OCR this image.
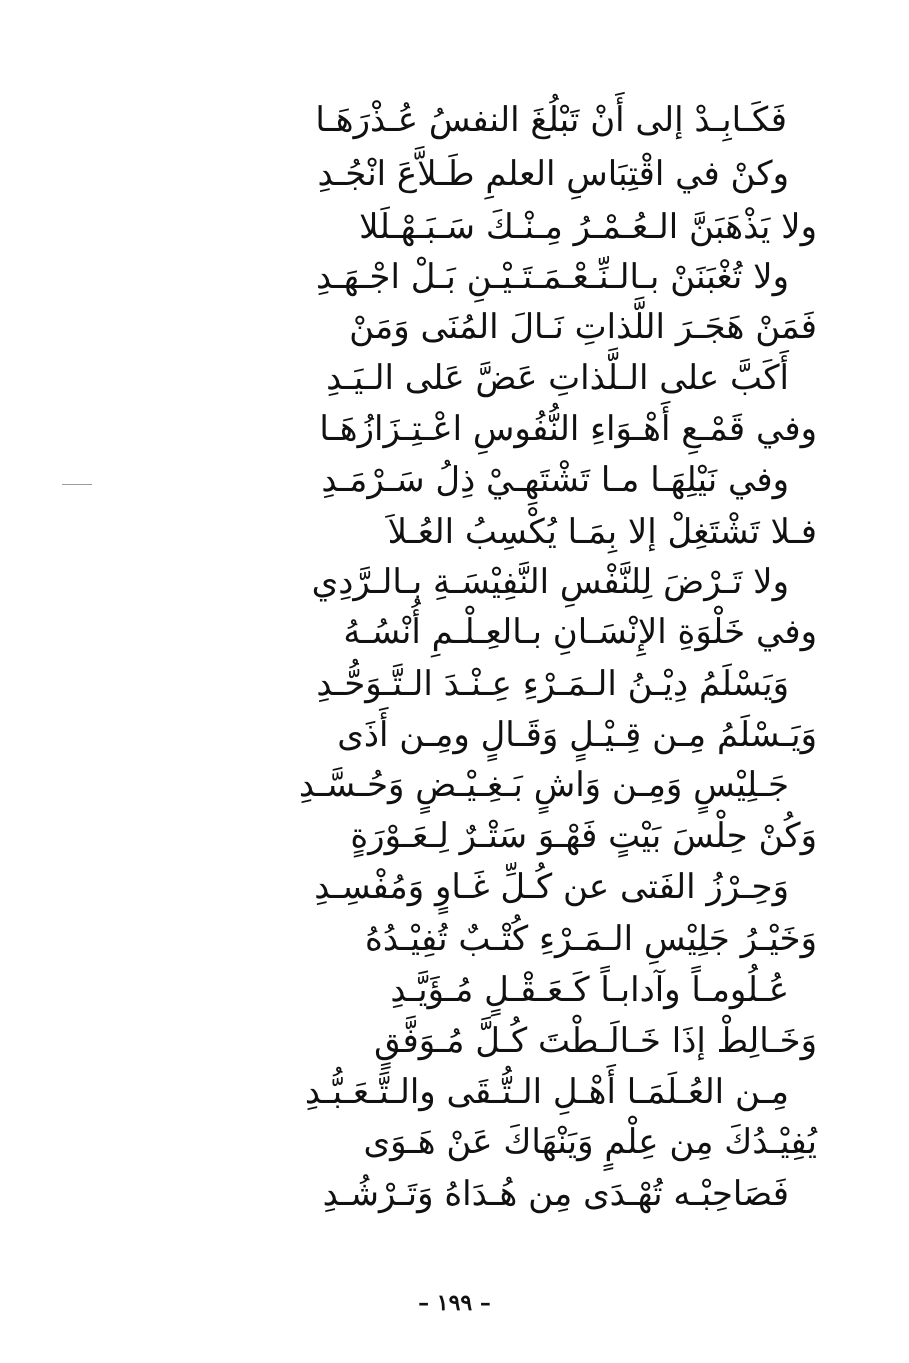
فَكَـابِـدْ إلى أَنْ تَبْلُغَ النفسُ عُـذْرَهَـا
وكنْ في اقْتِبَاسِ العلمِ طَـلاَّعَ انْجُـدِ
ولا يَذْهَبَنَّ الـعُـمْـرُ مِـنْـكَ سَـبَـهْـلَلا
ولا تُغْبَنَنْ بـالـنِّـعْـمَـتَـيْـنِ بَـلْ اجْـهَـدِ
فَمَنْ هَجَـرَ اللَّذاتِ نَـالَ المُنَى وَمَنْ
أَكَبَّ على الـلَّذاتِ عَضَّ عَلى الـيَـدِ
وفي قَمْـعِ أَهْـوَاءِ النُّفُوسِ اعْـتِـزَازُهَـا
وفي نَيْلِهَـا مـا تَشْتَهِـيْ ذِلُ سَـرْمَـدِ
فـلا تَشْتَغِلْ إلا بِمَـا يُكْسِبُ العُـلاَ
ولا تَـرْضَ لِلنَّفْسِ النَّفِيْسَـةِ بـالـرَّدِي
وفي خَلْوَةِ الإِنْسَـانِ بـالعِـلْـمِ أُنْسُـهُ
وَيَسْلَمُ دِيْـنُ الـمَـرْءِ عِـنْـدَ الـتَّـوَحُّـدِ
وَيَـسْلَمُ مِـن قِـيْـلٍ وَقَـالٍ ومِـن أَذَى
جَـلِيْسٍ وَمِـن وَاشٍ بَـغِـيْـضٍ وَحُـسَّـدِ
وَكُنْ حِلْسَ بَيْتٍ فَهْـوَ سَتْـرٌ لِـعَـوْرَةٍ
وَحِـرْزُ الفَتى عن كُـلِّ غَـاوٍ وَمُفْسِـدِ
وَخَيْـرُ جَلِيْسِ الـمَـرْءِ كُتْـبٌ تُفِيْـدُهُ
عُـلُومـاً وآدابـاً كَـعَـقْـلٍ مُـؤَيَّـدِ
وَخَـالِطْ إذَا خَـالَـطْتَ كُـلَّ مُـوَفَّقٍ
مِـن العُـلَمَـا أَهْـلِ الـتُّـقَى والـتَّـعَـبُّـدِ
يُفِيْـدُكَ مِن عِلْمٍ وَيَنْهَاكَ عَنْ هَـوَى
فَصَاحِبْـه تُهْـدَى مِن هُـدَاهُ وَتَـرْشُـدِ
– ١٩٩ –
